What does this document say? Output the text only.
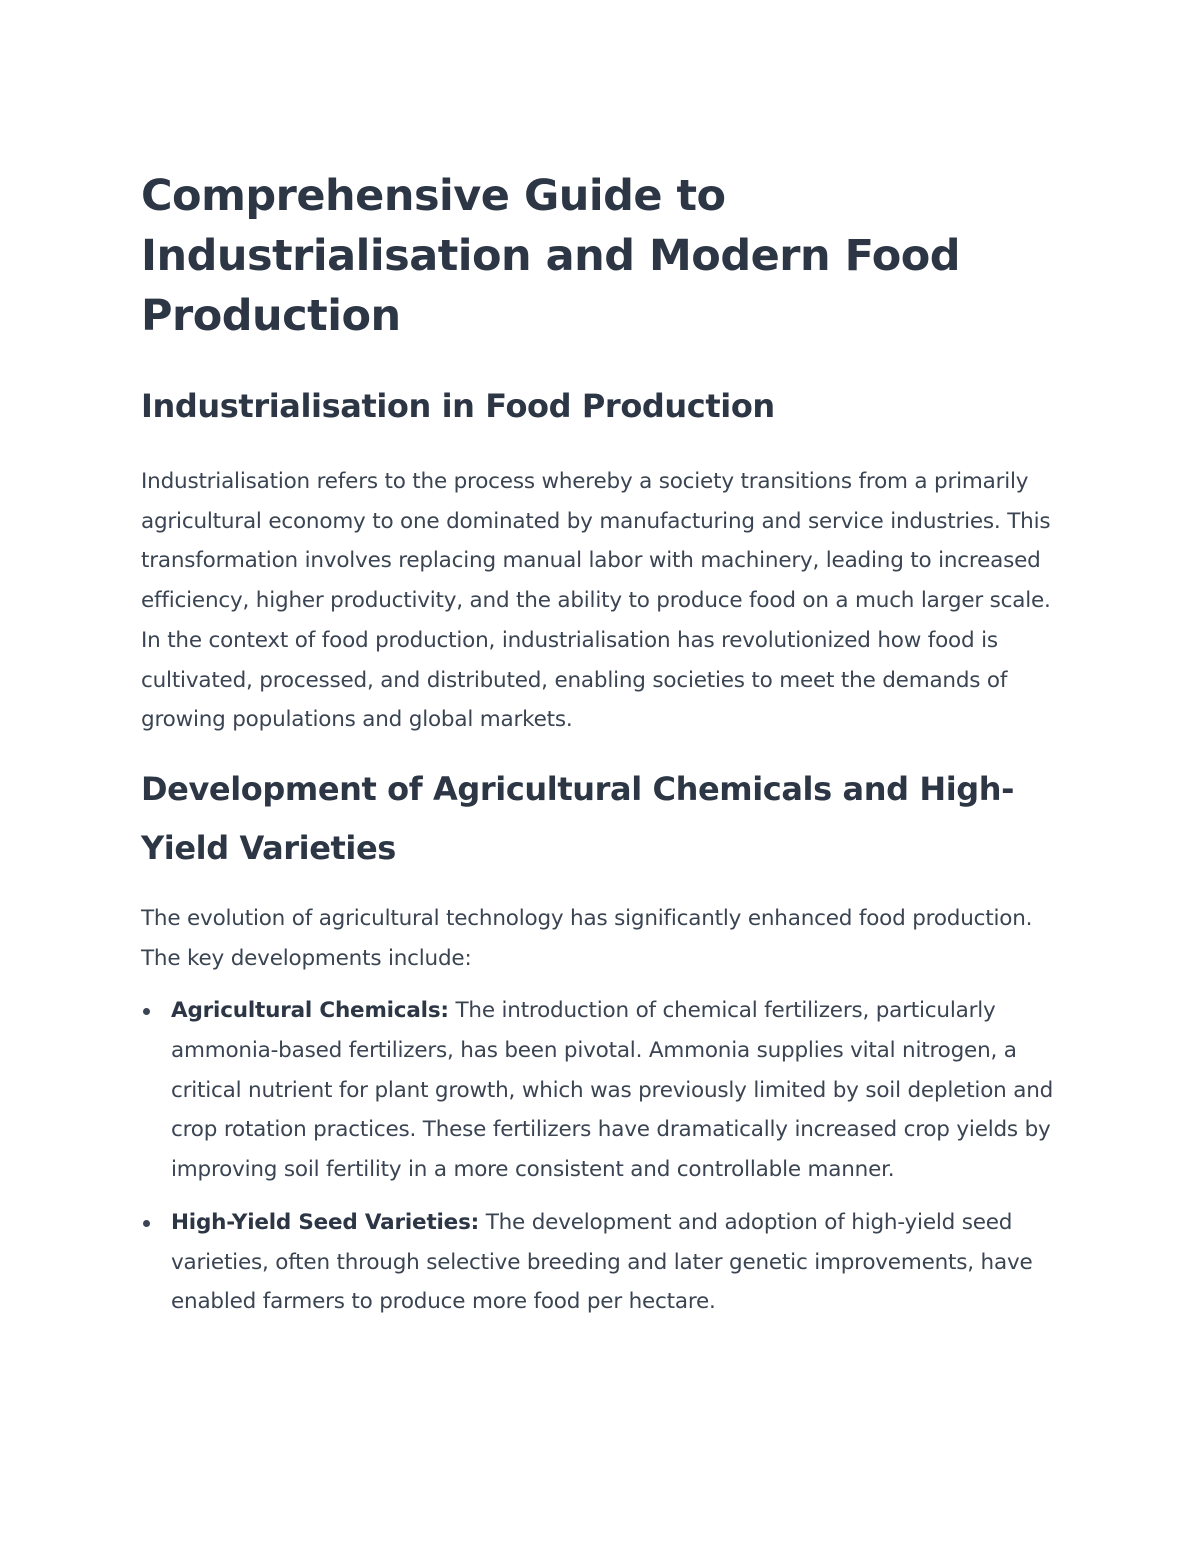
Comprehensive Guide to Industrialisation and Modern Food Production
Industrialisation in Food Production

Industrialisation refers to the process whereby a society transitions from a primarily agricultural economy to one dominated by manufacturing and service industries. This transformation involves replacing manual labor with machinery, leading to increased efficiency, higher productivity, and the ability to produce food on a much larger scale. In the context of food production, industrialisation has revolutionized how food is cultivated, processed, and distributed, enabling societies to meet the demands of growing populations and global markets.

Development of Agricultural Chemicals and High-Yield Varieties

The evolution of agricultural technology has significantly enhanced food production. The key developments include:

Agricultural Chemicals: The introduction of chemical fertilizers, particularly ammonia-based fertilizers, has been pivotal. Ammonia supplies vital nitrogen, a critical nutrient for plant growth, which was previously limited by soil depletion and crop rotation practices. These fertilizers have dramatically increased crop yields by improving soil fertility in a more consistent and controllable manner.
High-Yield Seed Varieties: The development and adoption of high-yield seed varieties, often through selective breeding and later genetic improvements, have enabled farmers to produce more food per hectare.
